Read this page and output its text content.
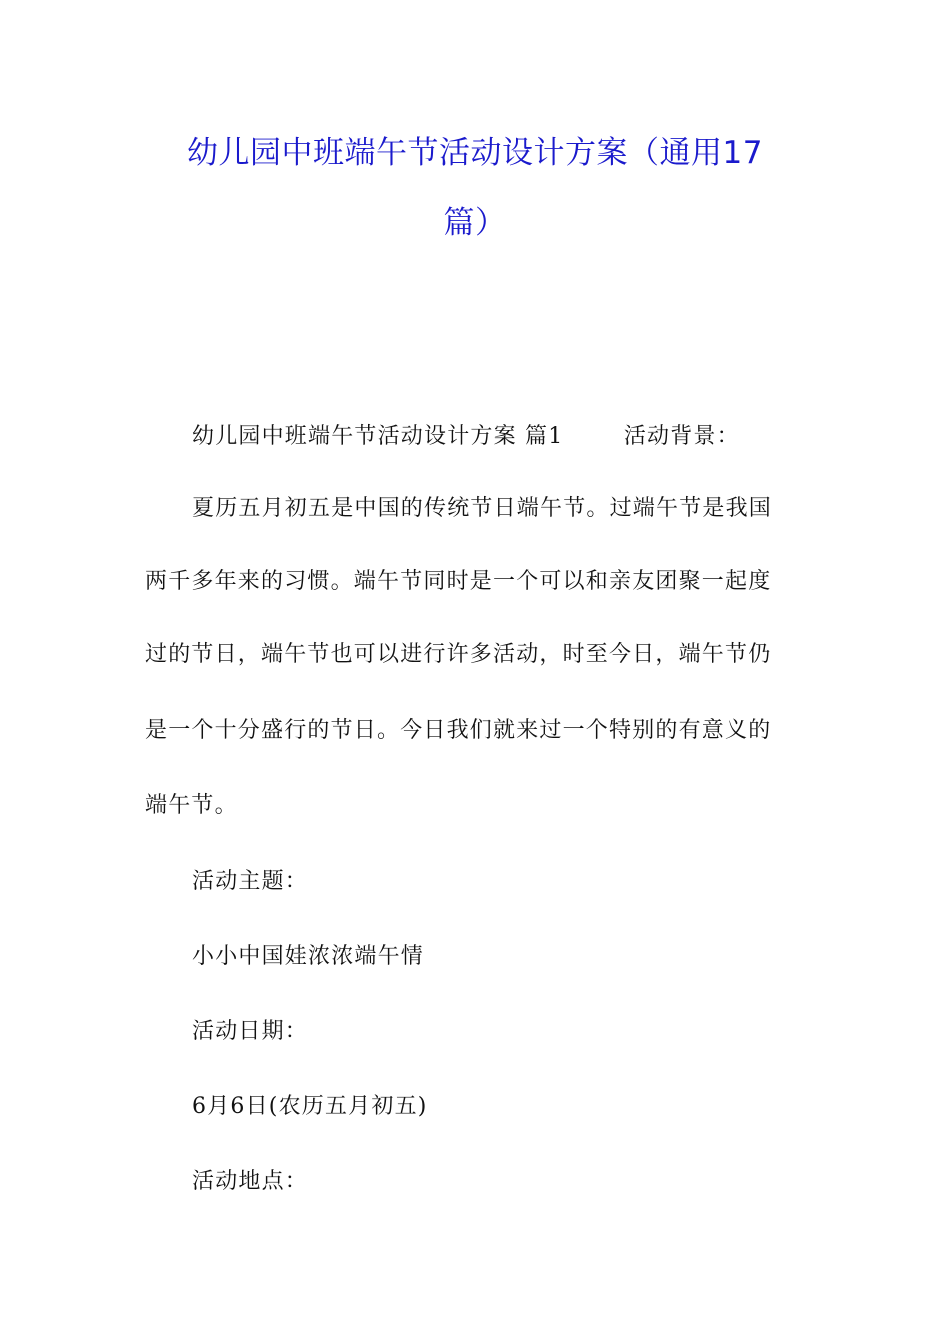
幼儿园中班端午节活动设计方案（通用17
篇）
幼儿园中班端午节活动设计方案 篇1	活动背景：
夏历五月初五是中国的传统节日端午节。过端午节是我国
两千多年来的习惯。端午节同时是一个可以和亲友团聚一起度
过的节日，端午节也可以进行许多活动，时至今日，端午节仍
是一个十分盛行的节日。今日我们就来过一个特别的有意义的
端午节。
活动主题：
小小中国娃浓浓端午情
活动日期：
6月6日(农历五月初五)
活动地点：
